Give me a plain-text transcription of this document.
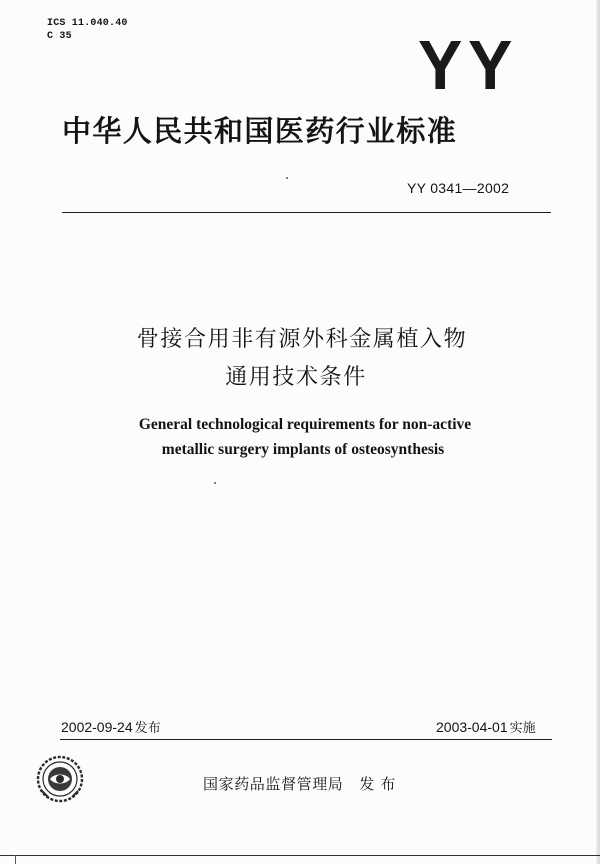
ICS 11.040.40
C 35	YY
中华人民共和国医药行业标准
YY 0341—2002
骨接合用非有源外科金属植入物
通用技术条件
General technological requirements for non-active
metallic surgery implants of osteosynthesis
2002-09-24 发布	2003-04-01 实施
国家药品监督管理局 发 布
